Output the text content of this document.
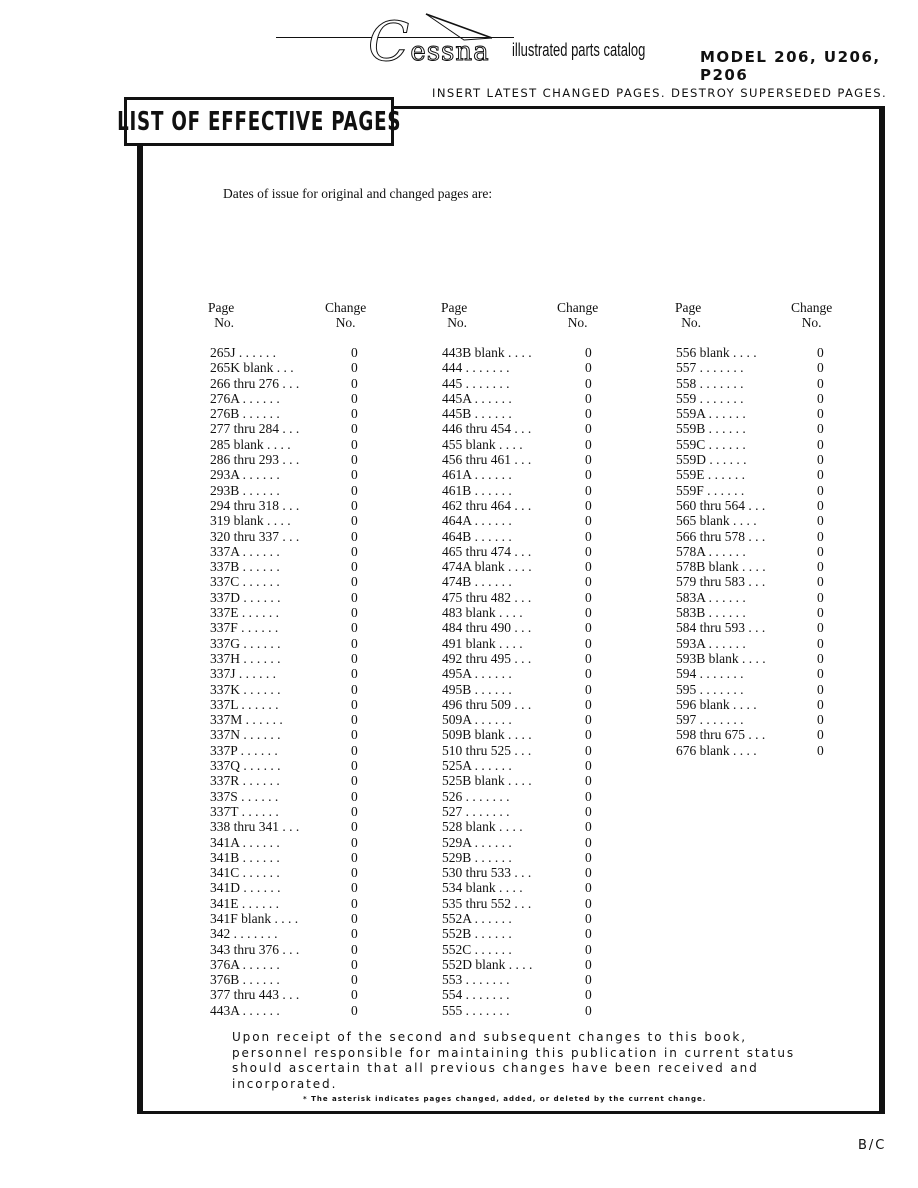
Cessna illustrated parts catalog	MODEL 206, U206, P206
INSERT LATEST CHANGED PAGES. DESTROY SUPERSEDED PAGES.
LIST OF EFFECTIVE PAGES
Dates of issue for original and changed pages are:
Page
No.
Change
No.
Page
No.
Change
No.
Page
No.
Change
No.
265J . . . . . .	0
265K blank . . .	0
266 thru 276 . . .	0
276A . . . . . .	0
276B . . . . . .	0
277 thru 284 . . .	0
285 blank . . . .	0
286 thru 293 . . .	0
293A . . . . . .	0
293B . . . . . .	0
294 thru 318 . . .	0
319 blank . . . .	0
320 thru 337 . . .	0
337A . . . . . .	0
337B . . . . . .	0
337C . . . . . .	0
337D . . . . . .	0
337E . . . . . .	0
337F . . . . . .	0
337G . . . . . .	0
337H . . . . . .	0
337J . . . . . .	0
337K . . . . . .	0
337L . . . . . .	0
337M . . . . . .	0
337N . . . . . .	0
337P . . . . . .	0
337Q . . . . . .	0
337R . . . . . .	0
337S . . . . . .	0
337T . . . . . .	0
338 thru 341 . . .	0
341A . . . . . .	0
341B . . . . . .	0
341C . . . . . .	0
341D . . . . . .	0
341E . . . . . .	0
341F blank . . . .	0
342 . . . . . . .	0
343 thru 376 . . .	0
376A . . . . . .	0
376B . . . . . .	0
377 thru 443 . . .	0
443A . . . . . .	0
443B blank . . . .	0
444 . . . . . . .	0
445 . . . . . . .	0
445A . . . . . .	0
445B . . . . . .	0
446 thru 454 . . .	0
455 blank . . . .	0
456 thru 461 . . .	0
461A . . . . . .	0
461B . . . . . .	0
462 thru 464 . . .	0
464A . . . . . .	0
464B . . . . . .	0
465 thru 474 . . .	0
474A blank . . . .	0
474B . . . . . .	0
475 thru 482 . . .	0
483 blank . . . .	0
484 thru 490 . . .	0
491 blank . . . .	0
492 thru 495 . . .	0
495A . . . . . .	0
495B . . . . . .	0
496 thru 509 . . .	0
509A . . . . . .	0
509B blank . . . .	0
510 thru 525 . . .	0
525A . . . . . .	0
525B blank . . . .	0
526 . . . . . . .	0
527 . . . . . . .	0
528 blank . . . .	0
529A . . . . . .	0
529B . . . . . .	0
530 thru 533 . . .	0
534 blank . . . .	0
535 thru 552 . . .	0
552A . . . . . .	0
552B . . . . . .	0
552C . . . . . .	0
552D blank . . . .	0
553 . . . . . . .	0
554 . . . . . . .	0
555 . . . . . . .	0
556 blank . . . .	0
557 . . . . . . .	0
558 . . . . . . .	0
559 . . . . . . .	0
559A . . . . . .	0
559B . . . . . .	0
559C . . . . . .	0
559D . . . . . .	0
559E . . . . . .	0
559F . . . . . .	0
560 thru 564 . . .	0
565 blank . . . .	0
566 thru 578 . . .	0
578A . . . . . .	0
578B blank . . . .	0
579 thru 583 . . .	0
583A . . . . . .	0
583B . . . . . .	0
584 thru 593 . . .	0
593A . . . . . .	0
593B blank . . . .	0
594 . . . . . . .	0
595 . . . . . . .	0
596 blank . . . .	0
597 . . . . . . .	0
598 thru 675 . . .	0
676 blank . . . .	0
Upon receipt of the second and subsequent changes to this book, personnel responsible for maintaining this publication in current status should ascertain that all previous changes have been received and incorporated.
* The asterisk indicates pages changed, added, or deleted by the current change.
B/C
